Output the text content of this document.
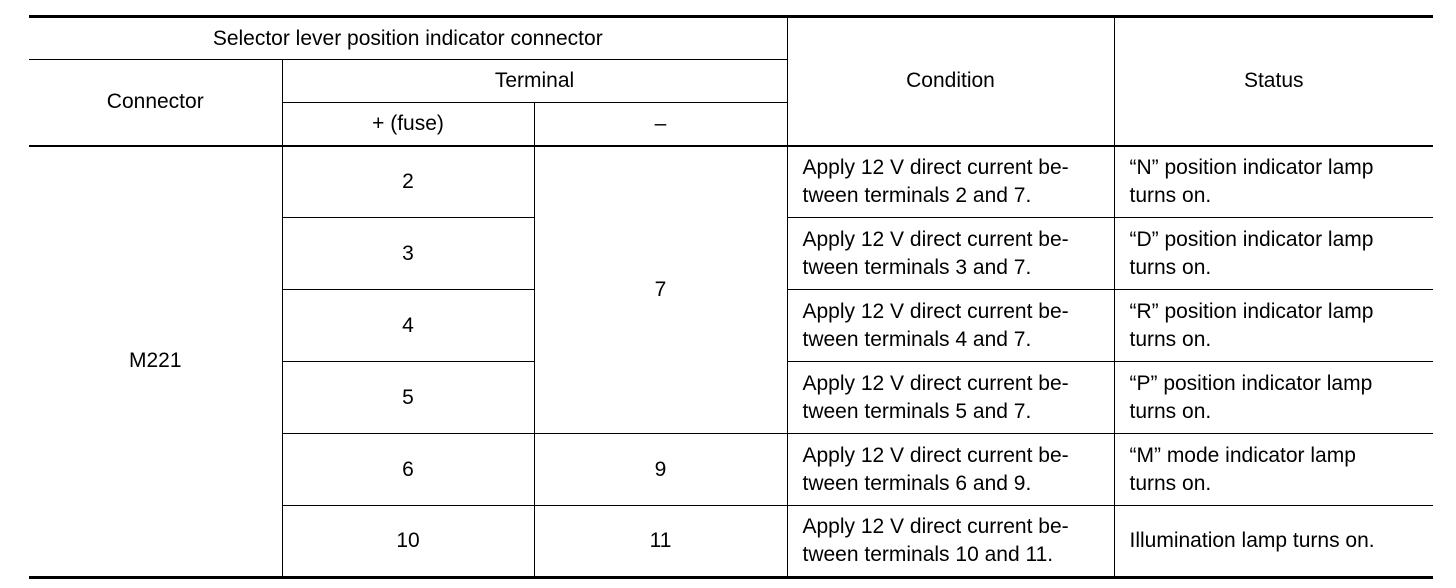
Selector lever position indicator connector			Condition	Status
Connector	Terminal			
	+ (fuse)	–		
M221	2	7	Apply 12 V direct current be-
tween terminals 2 and 7.	“N” position indicator lamp
turns on.

	3		Apply 12 V direct current be-
tween terminals 3 and 7.	“D” position indicator lamp
turns on.

	4		Apply 12 V direct current be-
tween terminals 4 and 7.	“R” position indicator lamp
turns on.

	5		Apply 12 V direct current be-
tween terminals 5 and 7.	“P” position indicator lamp
turns on.

	6	9	Apply 12 V direct current be-
tween terminals 6 and 9.	“M” mode indicator lamp
turns on.

	10	11	Apply 12 V direct current be-
tween terminals 10 and 11.	Illumination lamp turns on.
